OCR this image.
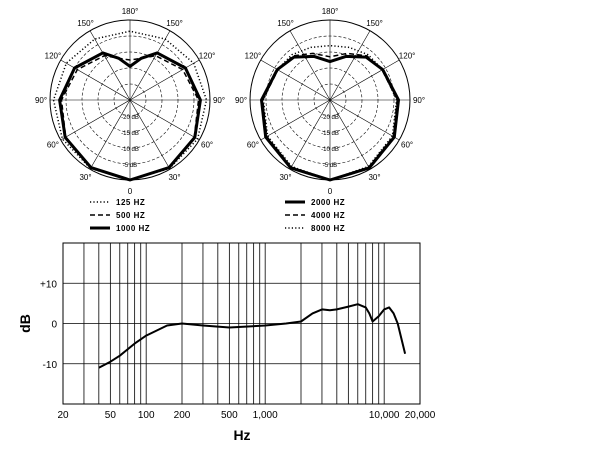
0
30°
60°
90°
120°
150°
180°
150°
120°
90°
60°
30°
-20 dB
-15 dB
-10 dB
-5 dB
125 HZ
500 HZ
1000 HZ
0
30°
60°
90°
120°
150°
180°
150°
120°
90°
60°
30°
-20 dB
-15 dB
-10 dB
-5 dB
2000 HZ
4000 HZ
8000 HZ
20	50 100 200	500 1,000	10,000 20,000
+10
0
-10
Hz
dB
